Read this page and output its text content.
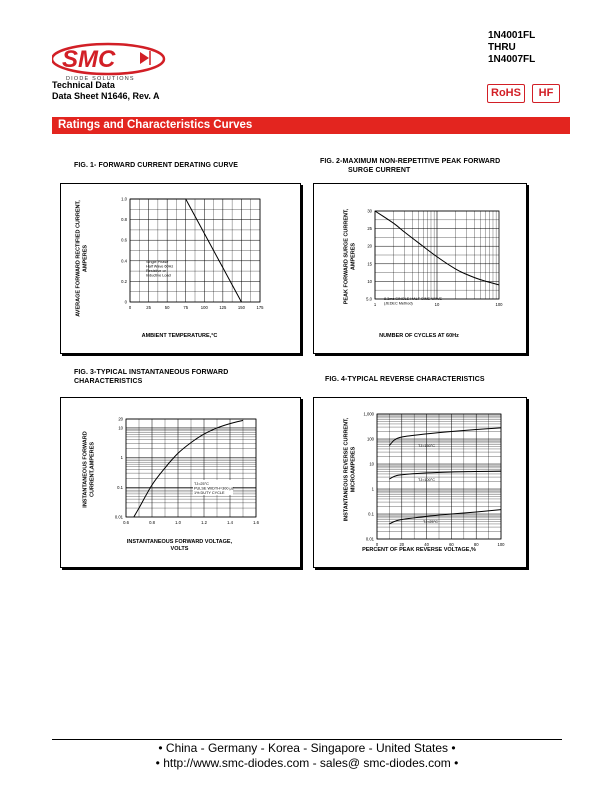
SMC
DIODE SOLUTIONS
1N4001FL
THRU
1N4007FL
Technical Data
Data Sheet N1646, Rev. A	RoHS	HF
Ratings and Characteristics Curves
FIG. 1- FORWARD CURRENT DERATING CURVE
AVERAGE FORWARD RECTIFIED CURRENT, AMPERES
0	25	50	75	100	125	150	175
1.0
0.8
0.6
0.4
0.2
0
Single Phase
Half Wave 60Hz
Resistive or
Inductive Load
AMBIENT TEMPERATURE,°C
FIG. 2-MAXIMUM NON-REPETITIVE PEAK FORWARD
SURGE CURRENT
PEAK FORWARD SURGE CURRENT, AMPERES
1	10	100
30
25
20
15
10
5.0	8.3ms SINGLE HALF SINE-WAVE
(JEDEC Method)
NUMBER OF CYCLES AT 60Hz
FIG. 3-TYPICAL INSTANTANEOUS FORWARD
CHARACTERISTICS
INSTANTANEOUS FORWARD CURRENT,AMPERES
0.6	0.8	1.0	1.2	1.4	1.6
20
10
1
0.1
0.01
TJ=25°C
PULSE WIDTH=300 µs
1% DUTY CYCLE
INSTANTANEOUS FORWARD VOLTAGE,
VOLTS
FIG. 4-TYPICAL REVERSE CHARACTERISTICS
INSTANTANEOUS REVERSE CURRENT, MICROAMPERES
0	20	40	60	80	100
1,000
100
10
1
0.1
0.01
TJ=150°C
TJ=100°C
TJ=25°C
PERCENT OF PEAK REVERSE VOLTAGE,%
• China - Germany - Korea - Singapore - United States •
• http://www.smc-diodes.com - sales@ smc-diodes.com •
